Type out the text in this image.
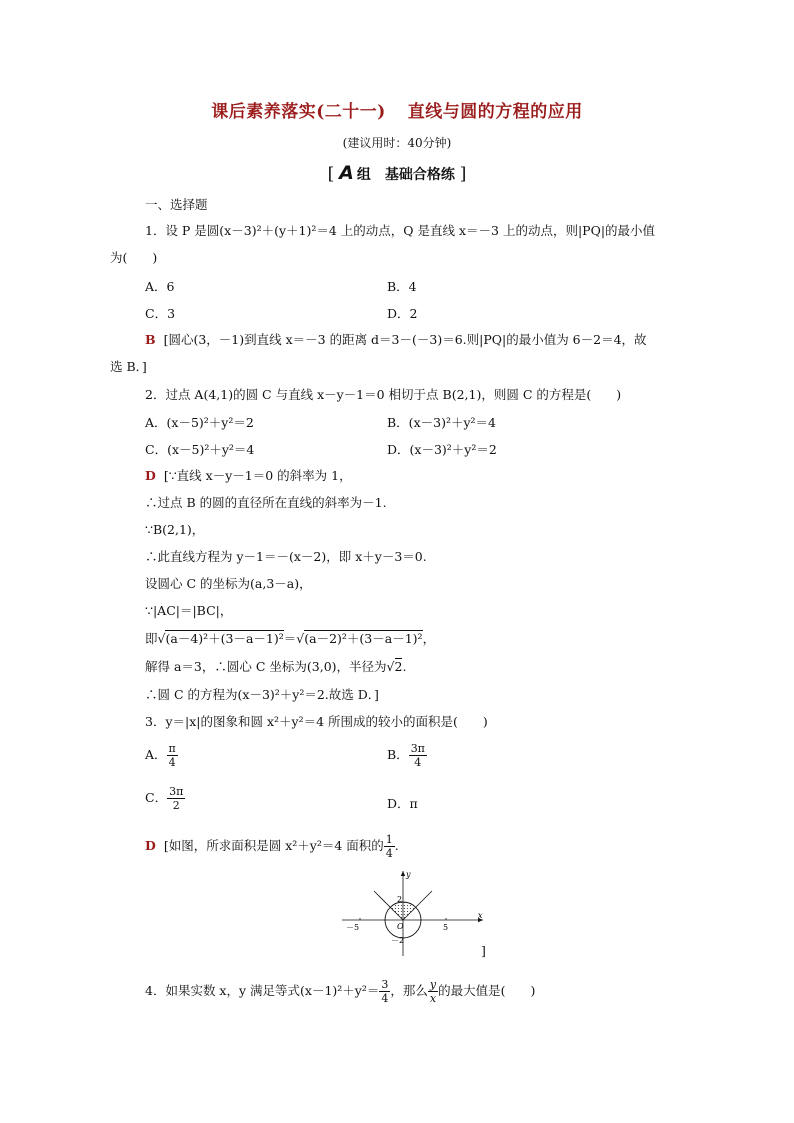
课后素养落实(二十一) 直线与圆的方程的应用
(建议用时：40分钟)
[ A 组 基础合格练 ]
一、选择题
1．设 P 是圆(x－3)²＋(y＋1)²＝4 上的动点，Q 是直线 x＝－3 上的动点，则|PQ|的最小值
为(　　)
A．6	B．4
C．3	D．2
B [圆心(3，－1)到直线 x＝－3 的距离 d＝3－(－3)＝6.则|PQ|的最小值为 6－2＝4，故
选 B．]
2．过点 A(4,1)的圆 C 与直线 x－y－1＝0 相切于点 B(2,1)，则圆 C 的方程是(　　)
A．(x－5)²＋y²＝2	B．(x－3)²＋y²＝4
C．(x－5)²＋y²＝4	D．(x－3)²＋y²＝2
D [∵直线 x－y－1＝0 的斜率为 1，
∴过点 B 的圆的直径所在直线的斜率为－1.
∵B(2,1)，
∴此直线方程为 y－1＝－(x－2)，即 x＋y－3＝0.
设圆心 C 的坐标为(a,3－a)，
∵|AC|＝|BC|，
即√(a－4)²＋(3－a－1)²＝√(a－2)²＋(3－a－1)²，
解得 a＝3，∴圆心 C 坐标为(3,0)，半径为√2.
∴圆 C 的方程为(x－3)²＋y²＝2.故选 D．]
3．y＝|x|的图象和圆 x²＋y²＝4 所围成的较小的面积是(　　)
A． $\frac{\pi}{4}$	B． $\frac{3\pi}{4}$
C． $\frac{3\pi}{2}$	D．π
D [如图，所求面积是圆 x²＋y²＝4 面积的 $\frac{1}{4}$ .
y
x
2
－2
－5	5
O
]
4．如果实数 x，y 满足等式$(x-1)^2+y^2= \frac{3}{4}$ ，那么 $\frac{y}{x}$ 的最大值是(　　)
